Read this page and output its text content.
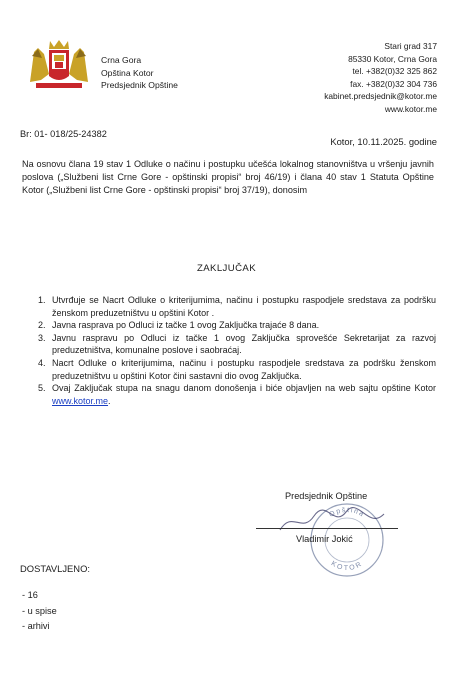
Crna Gora
Opština Kotor
Predsjednik Opštine
Stari grad 317
85330 Kotor, Crna Gora
tel. +382(0)32 325 862
fax. +382(0)32 304 736
kabinet.predsjednik@kotor.me
www.kotor.me
Br: 01- 018/25-24382
Kotor, 10.11.2025. godine
Na osnovu člana 19 stav 1 Odluke o načinu i postupku učešća lokalnog stanovništva u vršenju javnih poslova („Službeni list Crne Gore - opštinski propisi“ broj 46/19) i člana 40 stav 1 Statuta Opštine Kotor („Službeni list Crne Gore - opštinski propisi“ broj 37/19), donosim
ZAKLJUČAK
1. Utvrđuje se Nacrt Odluke o kriterijumima, načinu i postupku raspodjele sredstava za podršku ženskom preduzetništvu u opštini Kotor .
2. Javna rasprava po Odluci iz tačke 1 ovog Zaključka trajaće 8 dana.
3. Javnu raspravu po Odluci iz tačke 1 ovog Zaključka sprovešće Sekretarijat za razvoj preduzetništva, komunalne poslove i saobraćaj.
4. Nacrt Odluke o kriterijumima, načinu i postupku raspodjele sredstava za podršku ženskom preduzetništvu u opštini Kotor čini sastavni dio ovog Zaključka.
5. Ovaj Zaključak stupa na snagu danom donošenja i biće objavljen na web sajtu opštine Kotor www.kotor.me.
Opština
KOTOR
Predsjednik Opštine
Vladimir Jokić
DOSTAVLJENO:
- 16
- u spise
- arhivi
